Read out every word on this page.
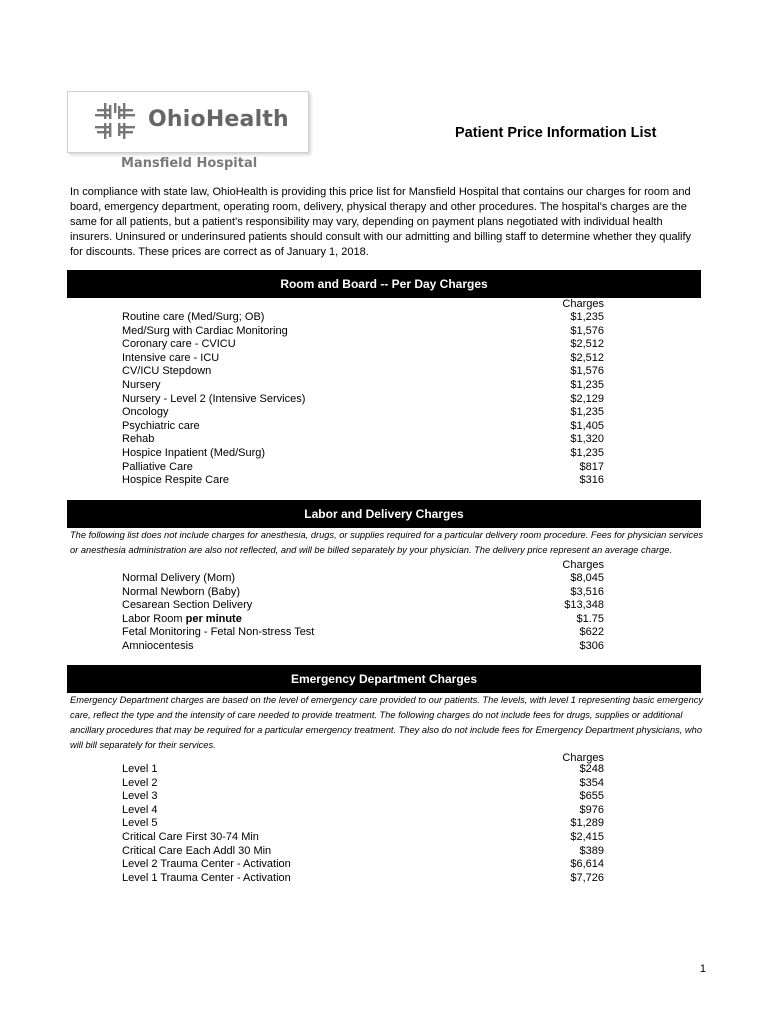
OhioHealth
Mansfield Hospital
Patient Price Information List
In compliance with state law, OhioHealth is providing this price list for Mansfield Hospital that contains our charges for room and board, emergency department, operating room, delivery, physical therapy and other procedures. The hospital's charges are the same for all patients, but a patient's responsibility may vary, depending on payment plans negotiated with individual health insurers. Uninsured or underinsured patients should consult with our admitting and billing staff to determine whether they qualify for discounts. These prices are correct as of January 1, 2018.
Room and Board -- Per Day Charges
Charges
Routine care (Med/Surg; OB)	$1,235
Med/Surg with Cardiac Monitoring	$1,576
Coronary care - CVICU	$2,512
Intensive care - ICU	$2,512
CV/ICU Stepdown	$1,576
Nursery	$1,235
Nursery - Level 2 (Intensive Services)	$2,129
Oncology	$1,235
Psychiatric care	$1,405
Rehab	$1,320
Hospice Inpatient (Med/Surg)	$1,235
Palliative Care	$817
Hospice Respite Care	$316
Labor and Delivery Charges
The following list does not include charges for anesthesia, drugs, or supplies required for a particular delivery room procedure. Fees for physician services or anesthesia administration are also not reflected, and will be billed separately by your physician. The delivery price represent an average charge.
Charges
Normal Delivery (Mom)	$8,045
Normal Newborn (Baby)	$3,516
Cesarean Section Delivery	$13,348
Labor Room per minute	$1.75
Fetal Monitoring - Fetal Non-stress Test	$622
Amniocentesis	$306
Emergency Department Charges
Emergency Department charges are based on the level of emergency care provided to our patients. The levels, with level 1 representing basic emergency care, reflect the type and the intensity of care needed to provide treatment. The following charges do not include fees for drugs, supplies or additional ancillary procedures that may be required for a particular emergency treatment. They also do not include fees for Emergency Department physicians, who will bill separately for their services.
Charges
Level 1	$248
Level 2	$354
Level 3	$655
Level 4	$976
Level 5	$1,289
Critical Care First 30-74 Min	$2,415
Critical Care Each Addl 30 Min	$389
Level 2 Trauma Center - Activation	$6,614
Level 1 Trauma Center - Activation	$7,726
1
